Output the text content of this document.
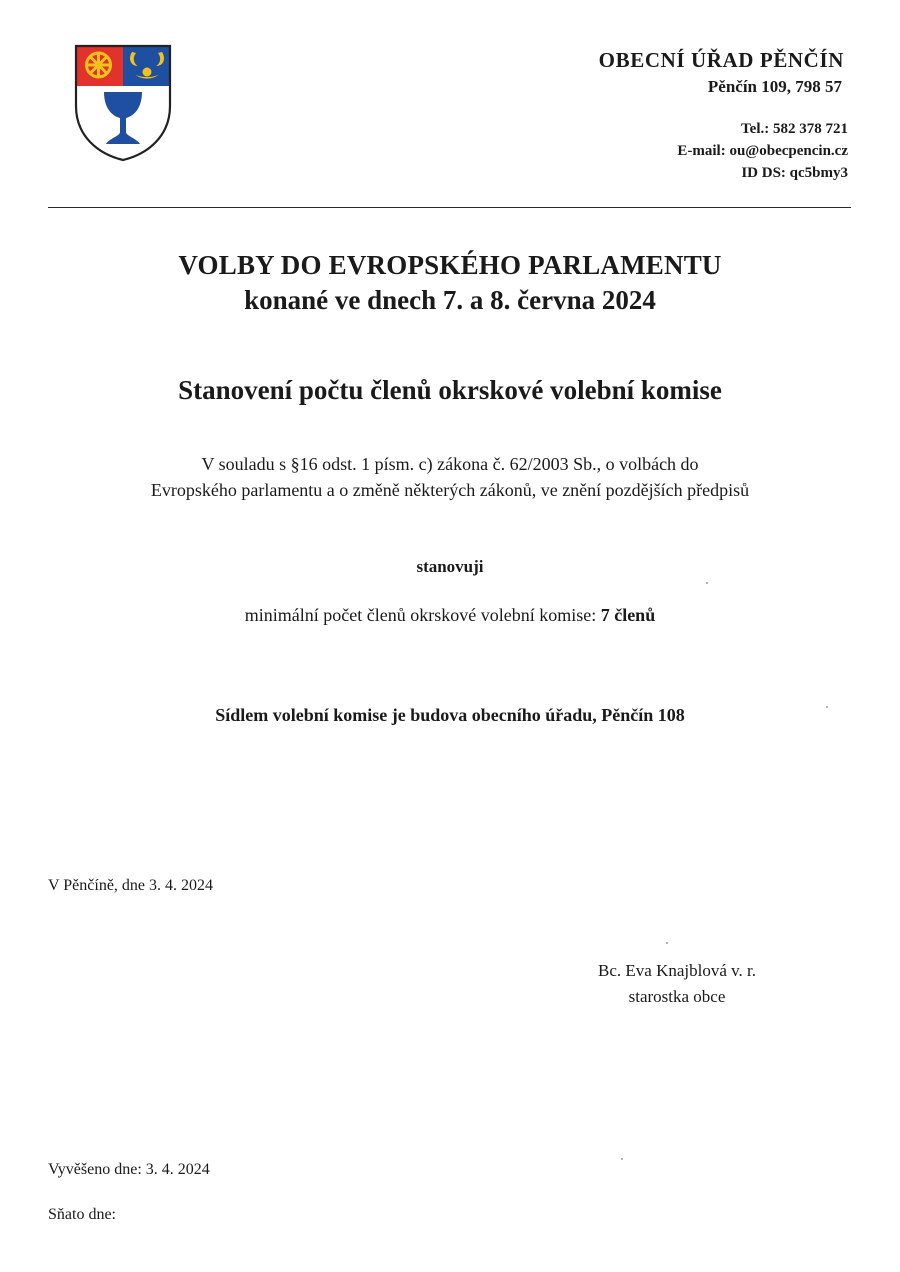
OBECNÍ ÚŘAD PĚNČÍN
Pěnčín 109, 798 57
Tel.: 582 378 721
E-mail: ou@obecpencin.cz
ID DS: qc5bmy3
VOLBY DO EVROPSKÉHO PARLAMENTU
konané ve dnech 7. a 8. června 2024
Stanovení počtu členů okrskové volební komise
V souladu s §16 odst. 1 písm. c) zákona č. 62/2003 Sb., o volbách do
Evropského parlamentu a o změně některých zákonů, ve znění pozdějších předpisů
stanovuji
minimální počet členů okrskové volební komise: 7 členů
Sídlem volební komise je budova obecního úřadu, Pěnčín 108
V Pěnčíně, dne 3. 4. 2024
Bc. Eva Knajblová v. r.
starostka obce
Vyvěšeno dne: 3. 4. 2024
Sňato dne:
